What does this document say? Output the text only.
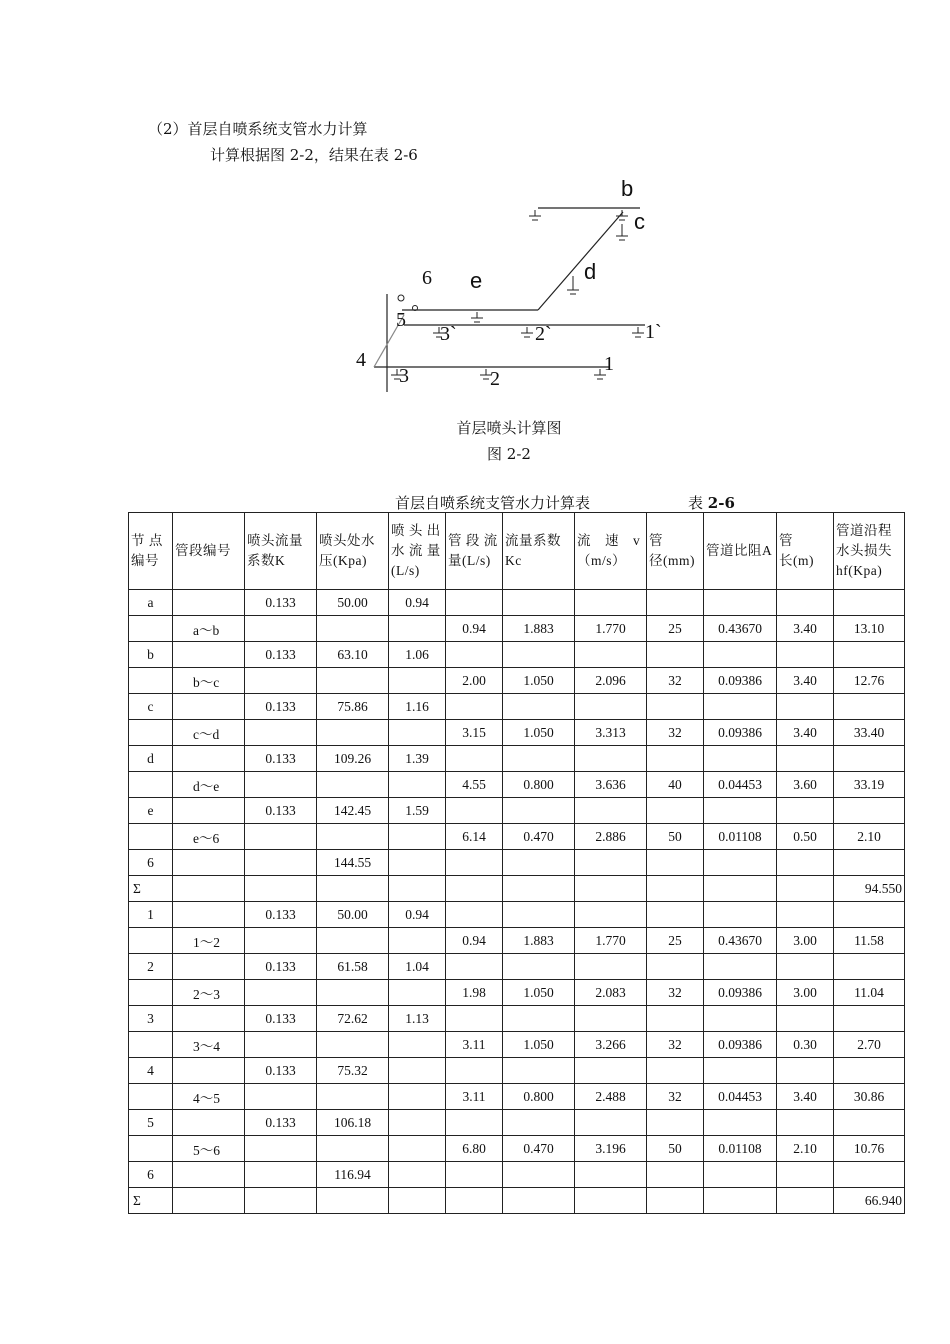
（2）首层自喷系统支管水力计算
计算根据图 2-2，结果在表 2-6
b
c
d
e
6
5
4
3`	2`	1`
3	2
1
首层喷头计算图
图 2-2
首层自喷系统支管水力计算表	表 2-6
节 点编号	管段编号	喷头流量系数K	喷头处水压(Kpa)	喷 头 出水 流 量(L/s)	管 段 流量(L/s)	流量系数Kc	流　速　v（m/s）	管　　径(mm)	管道比阻A	管　　长(m)	管道沿程水头损失hf(Kpa)
a		0.133	50.00	0.94							
	a～b				0.94	1.883	1.770	25	0.43670	3.40	13.10
b		0.133	63.10	1.06							
	b～c				2.00	1.050	2.096	32	0.09386	3.40	12.76
c		0.133	75.86	1.16							
	c～d				3.15	1.050	3.313	32	0.09386	3.40	33.40
d		0.133	109.26	1.39							
	d～e				4.55	0.800	3.636	40	0.04453	3.60	33.19
e		0.133	142.45	1.59							
	e～6				6.14	0.470	2.886	50	0.01108	0.50	2.10
6			144.55								
Σ											94.550
1		0.133	50.00	0.94							
	1～2				0.94	1.883	1.770	25	0.43670	3.00	11.58
2		0.133	61.58	1.04							
	2～3				1.98	1.050	2.083	32	0.09386	3.00	11.04
3		0.133	72.62	1.13							
	3～4				3.11	1.050	3.266	32	0.09386	0.30	2.70
4		0.133	75.32								
	4～5				3.11	0.800	2.488	32	0.04453	3.40	30.86
5		0.133	106.18								
	5～6				6.80	0.470	3.196	50	0.01108	2.10	10.76
6			116.94								
Σ											66.940
